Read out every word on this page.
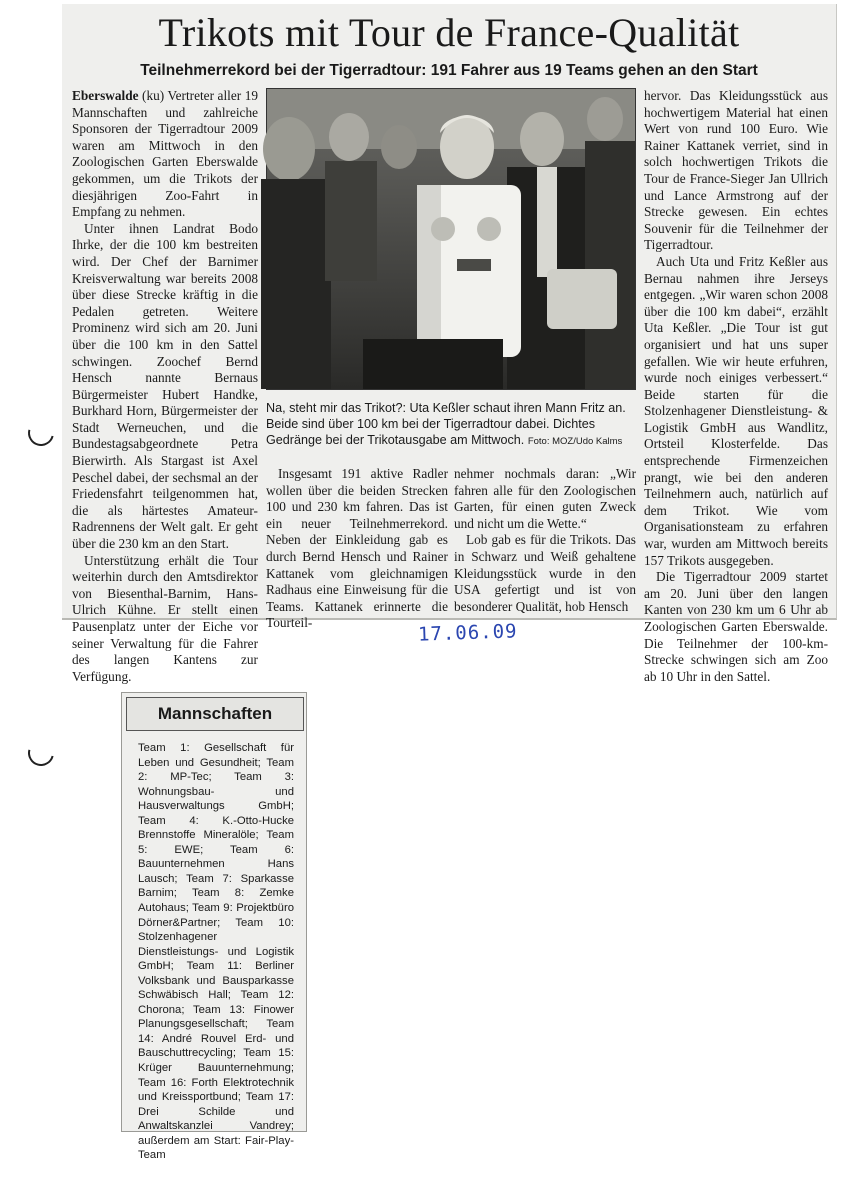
Trikots mit Tour de France-Qualität
Teilnehmerrekord bei der Tigerradtour: 191 Fahrer aus 19 Teams gehen an den Start

Eberswalde (ku) Vertreter aller 19 Mannschaften und zahlreiche Sponsoren der Tigerradtour 2009 waren am Mittwoch in den Zoologischen Garten Eberswalde gekommen, um die Trikots der diesjährigen Zoo-Fahrt in Empfang zu nehmen.

Unter ihnen Landrat Bodo Ihrke, der die 100 km bestreiten wird. Der Chef der Barnimer Kreisverwaltung war bereits 2008 über diese Strecke kräftig in die Pedalen getreten. Weitere Prominenz wird sich am 20. Juni über die 100 km in den Sattel schwingen. Zoochef Bernd Hensch nannte Bernaus Bürgermeister Hubert Handke, Burkhard Horn, Bürgermeister der Stadt Werneuchen, und die Bundestagsabgeordnete Petra Bierwirth. Als Stargast ist Axel Peschel dabei, der sechsmal an der Friedensfahrt teilgenommen hat, die als härtestes Amateur-Radrennens der Welt galt. Er geht über die 230 km an den Start.

Unterstützung erhält die Tour weiterhin durch den Amtsdirektor von Biesenthal-Barnim, Hans-Ulrich Kühne. Er stellt einen Pausenplatz unter der Eiche vor seiner Verwaltung für die Fahrer des langen Kantens zur Verfügung.

Na, steht mir das Trikot?: Uta Keßler schaut ihren Mann Fritz an. Beide sind über 100 km bei der Tigerradtour dabei. Dichtes Gedränge bei der Trikotausgabe am Mittwoch. Foto: MOZ/Udo Kalms

Insgesamt 191 aktive Radler wollen über die beiden Strecken 100 und 230 km fahren. Das ist ein neuer Teilnehmerrekord. Neben der Einkleidung gab es durch Bernd Hensch und Rainer Kattanek vom gleichnamigen Radhaus eine Einweisung für die Teams. Kattanek erinnerte die Tourteil-

nehmer nochmals daran: „Wir fahren alle für den Zoologischen Garten, für einen guten Zweck und nicht um die Wette.“

Lob gab es für die Trikots. Das in Schwarz und Weiß gehaltene Kleidungsstück wurde in den USA gefertigt und ist von besonderer Qualität, hob Hensch

hervor. Das Kleidungsstück aus hochwertigem Material hat einen Wert von rund 100 Euro. Wie Rainer Kattanek verriet, sind in solch hochwertigen Trikots die Tour de France-Sieger Jan Ullrich und Lance Armstrong auf der Strecke gewesen. Ein echtes Souvenir für die Teilnehmer der Tigerradtour.

Auch Uta und Fritz Keßler aus Bernau nahmen ihre Jerseys entgegen. „Wir waren schon 2008 über die 100 km dabei“, erzählt Uta Keßler. „Die Tour ist gut organisiert und hat uns super gefallen. Wie wir heute erfuhren, wurde noch einiges verbessert.“ Beide starten für die Stolzenhagener Dienstleistung- & Logistik GmbH aus Wandlitz, Ortsteil Klosterfelde. Das entsprechende Firmenzeichen prangt, wie bei den anderen Teilnehmern auch, natürlich auf dem Trikot. Wie vom Organisationsteam zu erfahren war, wurden am Mittwoch bereits 157 Trikots ausgegeben.

Die Tigerradtour 2009 startet am 20. Juni über den langen Kanten von 230 km um 6 Uhr ab Zoologischen Garten Eberswalde. Die Teilnehmer der 100-km-Strecke schwingen sich am Zoo ab 10 Uhr in den Sattel.

17.06.09
Mannschaften
Team 1: Gesellschaft für Leben und Gesundheit; Team 2: MP-Tec; Team 3: Wohnungsbau- und Hausverwaltungs GmbH; Team 4: K.-Otto-Hucke Brennstoffe Mineralöle; Team 5: EWE; Team 6: Bauunternehmen Hans Lausch; Team 7: Sparkasse Barnim; Team 8: Zemke Autohaus; Team 9: Projektbüro Dörner&Partner; Team 10: Stolzenhagener Dienstleistungs- und Logistik GmbH; Team 11: Berliner Volksbank und Bausparkasse Schwäbisch Hall; Team 12: Chorona; Team 13: Finower Planungsgesellschaft; Team 14: André Rouvel Erd- und Bauschuttrecycling; Team 15: Krüger Bauunternehmung; Team 16: Forth Elektrotechnik und Kreissportbund; Team 17: Drei Schilde und Anwaltskanzlei Vandrey; außerdem am Start: Fair-Play-Team
